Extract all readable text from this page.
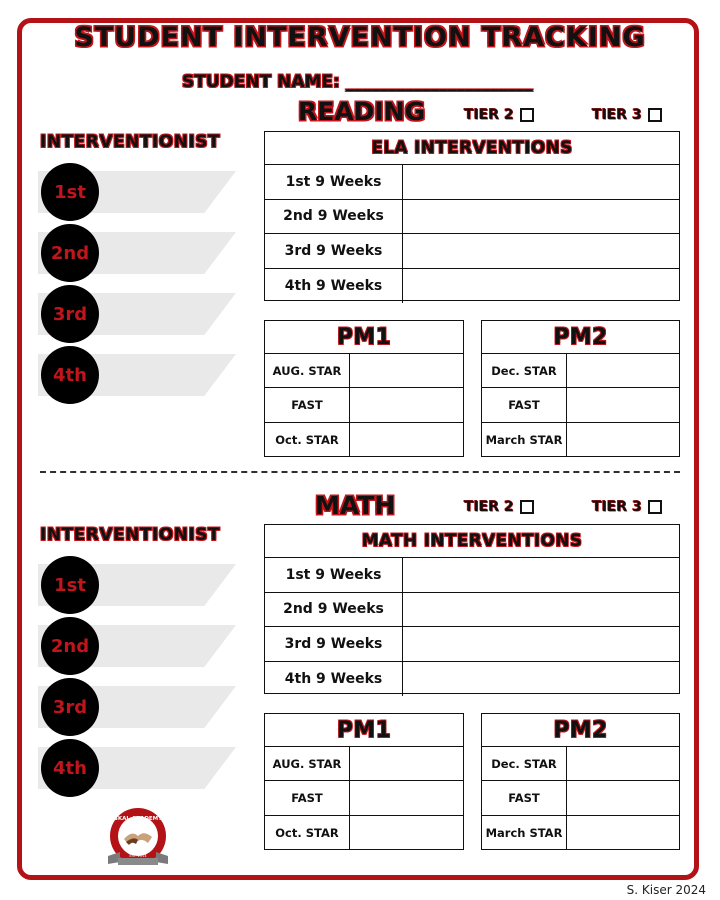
STUDENT INTERVENTION TRACKING
STUDENT NAME: ______________________
READING	TIER 2	TIER 3
INTERVENTIONIST
1st
2nd
3rd
4th
ELA INTERVENTIONS
1st 9 Weeks
2nd 9 Weeks
3rd 9 Weeks
4th 9 Weeks
PM1
AUG. STAR
FAST
Oct. STAR
PM2
Dec. STAR
FAST
March STAR
MATH	TIER 2	TIER 3
INTERVENTIONIST
1st
2nd
3rd
4th
MATH INTERVENTIONS
1st 9 Weeks
2nd 9 Weeks
3rd 9 Weeks
4th 9 Weeks
PM1
AUG. STAR
FAST
Oct. STAR
PM2
Dec. STAR
FAST
March STAR
SKAL ACADEMY
EST. 2014
S. Kiser 2024
